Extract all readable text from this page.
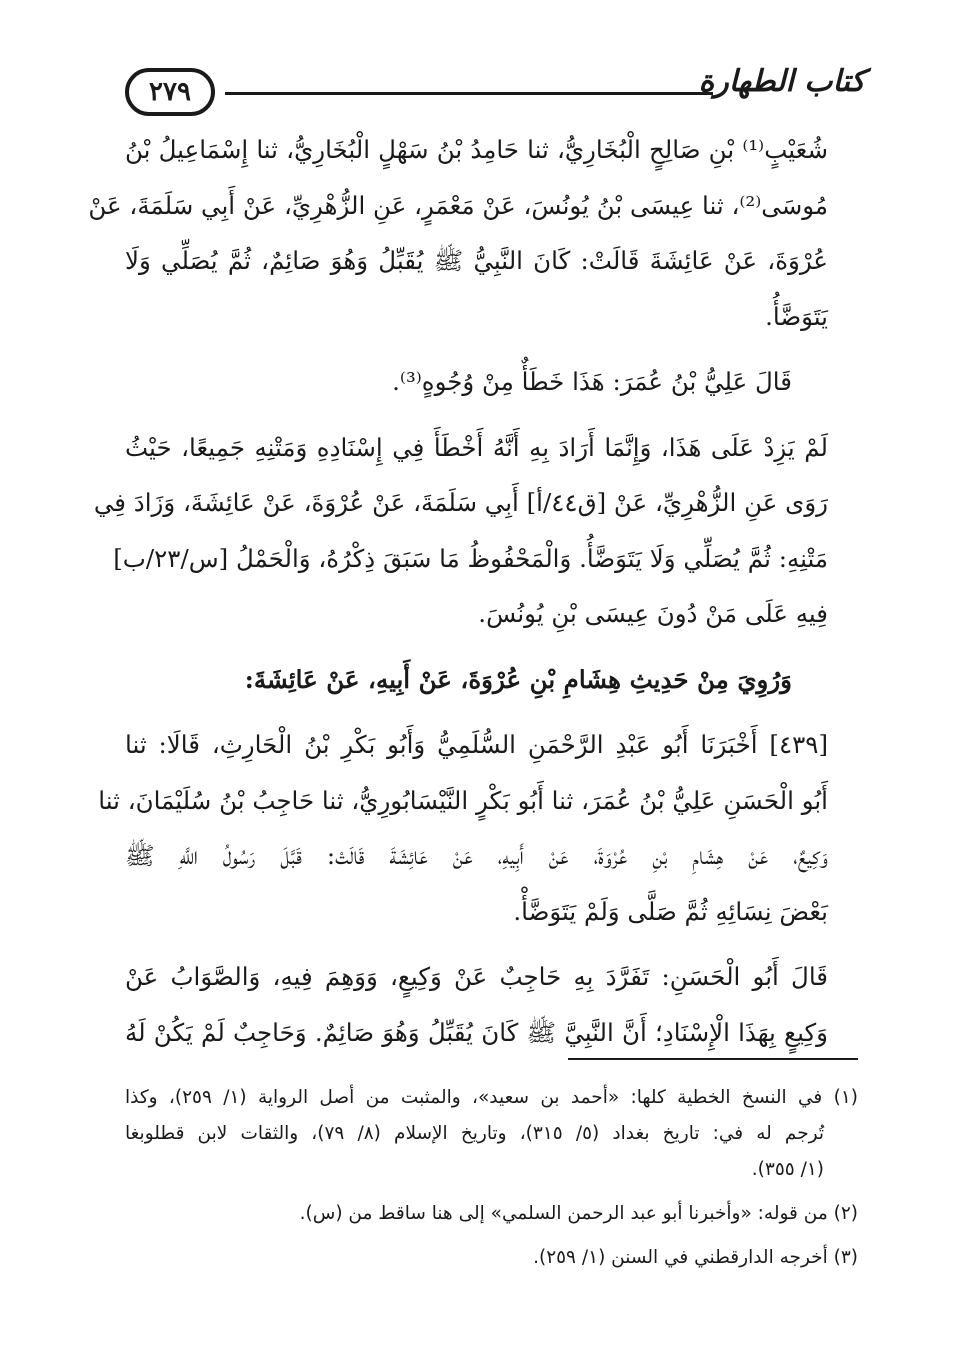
٢٧٩	كتاب الطهارة
شُعَيْبٍ⁽¹⁾ بْنِ صَالِحٍ الْبُخَارِيُّ، ثنا حَامِدُ بْنُ سَهْلٍ الْبُخَارِيُّ، ثنا إِسْمَاعِيلُ بْنُ
مُوسَى⁽²⁾، ثنا عِيسَى بْنُ يُونُسَ، عَنْ مَعْمَرٍ، عَنِ الزُّهْرِيِّ، عَنْ أَبِي سَلَمَةَ، عَنْ
عُرْوَةَ، عَنْ عَائِشَةَ قَالَتْ: كَانَ النَّبِيُّ ﷺ يُقَبِّلُ وَهُوَ صَائِمٌ، ثُمَّ يُصَلِّي وَلَا
يَتَوَضَّأُ.
قَالَ عَلِيُّ بْنُ عُمَرَ: هَذَا خَطَأٌ مِنْ وُجُوهٍ⁽³⁾.
لَمْ يَزِدْ عَلَى هَذَا، وَإِنَّمَا أَرَادَ بِهِ أَنَّهُ أَخْطَأَ فِي إِسْنَادِهِ وَمَتْنِهِ جَمِيعًا، حَيْثُ
رَوَى عَنِ الزُّهْرِيِّ، عَنْ [ق٤٤/أ] أَبِي سَلَمَةَ، عَنْ عُرْوَةَ، عَنْ عَائِشَةَ، وَزَادَ فِي
مَتْنِهِ: ثُمَّ يُصَلِّي وَلَا يَتَوَضَّأُ. وَالْمَحْفُوظُ مَا سَبَقَ ذِكْرُهُ، وَالْحَمْلُ [س/٢٣/ب]
فِيهِ عَلَى مَنْ دُونَ عِيسَى بْنِ يُونُسَ.
وَرُوِيَ مِنْ حَدِيثِ هِشَامِ بْنِ عُرْوَةَ، عَنْ أَبِيهِ، عَنْ عَائِشَةَ:
[٤٣٩] أَخْبَرَنَا أَبُو عَبْدِ الرَّحْمَنِ السُّلَمِيُّ وَأَبُو بَكْرِ بْنُ الْحَارِثِ، قَالَا: ثنا
أَبُو الْحَسَنِ عَلِيُّ بْنُ عُمَرَ، ثنا أَبُو بَكْرٍ النَّيْسَابُورِيُّ، ثنا حَاجِبُ بْنُ سُلَيْمَانَ، ثنا
وَكِيعٌ، عَنْ هِشَامِ بْنِ عُرْوَةَ، عَنْ أَبِيهِ، عَنْ عَائِشَةَ قَالَتْ: قَبَّلَ رَسُولُ اللَّهِ ﷺ
بَعْضَ نِسَائِهِ ثُمَّ صَلَّى وَلَمْ يَتَوَضَّأْ.
قَالَ أَبُو الْحَسَنِ: تَفَرَّدَ بِهِ حَاجِبٌ عَنْ وَكِيعٍ، وَوَهِمَ فِيهِ، وَالصَّوَابُ عَنْ
وَكِيعٍ بِهَذَا الْإِسْنَادِ؛ أَنَّ النَّبِيَّ ﷺ كَانَ يُقَبِّلُ وَهُوَ صَائِمٌ. وَحَاجِبٌ لَمْ يَكُنْ لَهُ
(١) في النسخ الخطية كلها: «أحمد بن سعيد»، والمثبت من أصل الرواية (١/ ٢٥٩)، وكذا
تُرجم له في: تاريخ بغداد (٥/ ٣١٥)، وتاريخ الإسلام (٨/ ٧٩)، والثقات لابن قطلوبغا
(١/ ٣٥٥).
(٢) من قوله: «وأخبرنا أبو عبد الرحمن السلمي» إلى هنا ساقط من (س).
(٣) أخرجه الدارقطني في السنن (١/ ٢٥٩).
